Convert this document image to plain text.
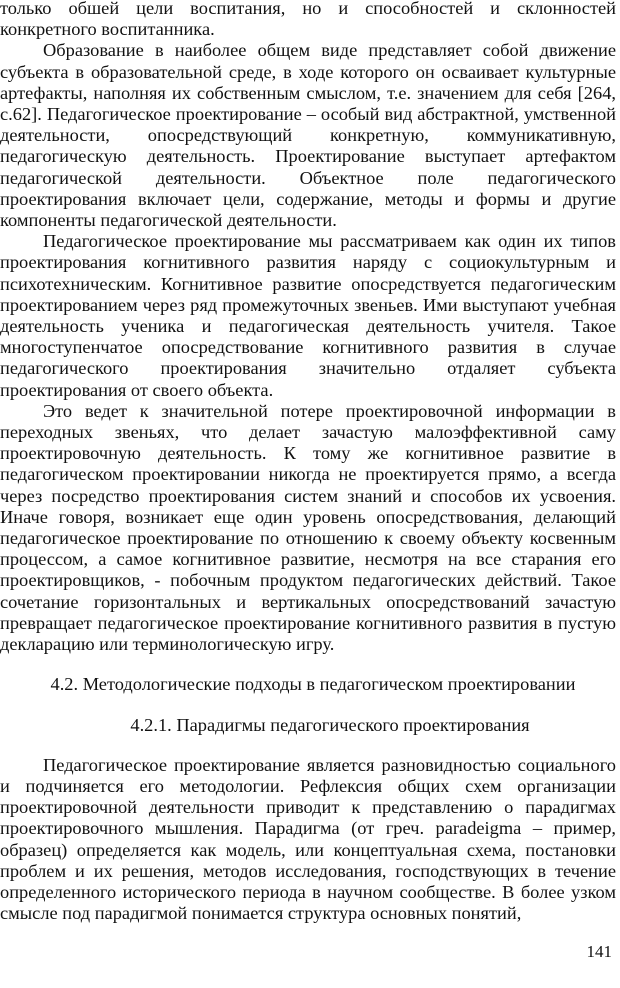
только обшей цели воспитания, но и способностей и склонностей конкретного воспитанника.

Образование в наиболее общем виде представляет собой движение субъекта в образовательной среде, в ходе которого он осваивает культурные артефакты, наполняя их собственным смыслом, т.е. значением для себя [264, с.62]. Педагогическое проектирование – особый вид абстрактной, умственной деятельности, опосредствующий конкретную, коммуникативную, педагогическую деятельность. Проектирование выступает артефактом педагогической деятельности. Объектное поле педагогического проектирования включает цели, содержание, методы и формы и другие компоненты педагогической деятельности.

Педагогическое проектирование мы рассматриваем как один их типов проектирования когнитивного развития наряду с социокультурным и психотехническим. Когнитивное развитие опосредствуется педагогическим проектированием через ряд промежуточных звеньев. Ими выступают учебная деятельность ученика и педагогическая деятельность учителя. Такое многоступенчатое опосредствование когнитивного развития в случае педагогического проектирования значительно отдаляет субъекта проектирования от своего объекта.

Это ведет к значительной потере проектировочной информации в переходных звеньях, что делает зачастую малоэффективной саму проектировочную деятельность. К тому же когнитивное развитие в педагогическом проектировании никогда не проектируется прямо, а всегда через посредство проектирования систем знаний и способов их усвоения. Иначе говоря, возникает еще один уровень опосредствования, делающий педагогическое проектирование по отношению к своему объекту косвенным процессом, а самое когнитивное развитие, несмотря на все старания его проектировщиков, - побочным продуктом педагогических действий. Такое сочетание горизонтальных и вертикальных опосредствований зачастую превращает педагогическое проектирование когнитивного развития в пустую декларацию или терминологическую игру.

4.2. Методологические подходы в педагогическом проектировании

4.2.1. Парадигмы педагогического проектирования

Педагогическое проектирование является разновидностью социального и подчиняется его методологии. Рефлексия общих схем организации проектировочной деятельности приводит к представлению о парадигмах проектировочного мышления. Парадигма (от греч. paradeigma – пример, образец) определяется как модель, или концептуальная схема, постановки проблем и их решения, методов исследования, господствующих в течение определенного исторического периода в научном сообществе. В более узком смысле под парадигмой понимается структура основных понятий,

141
